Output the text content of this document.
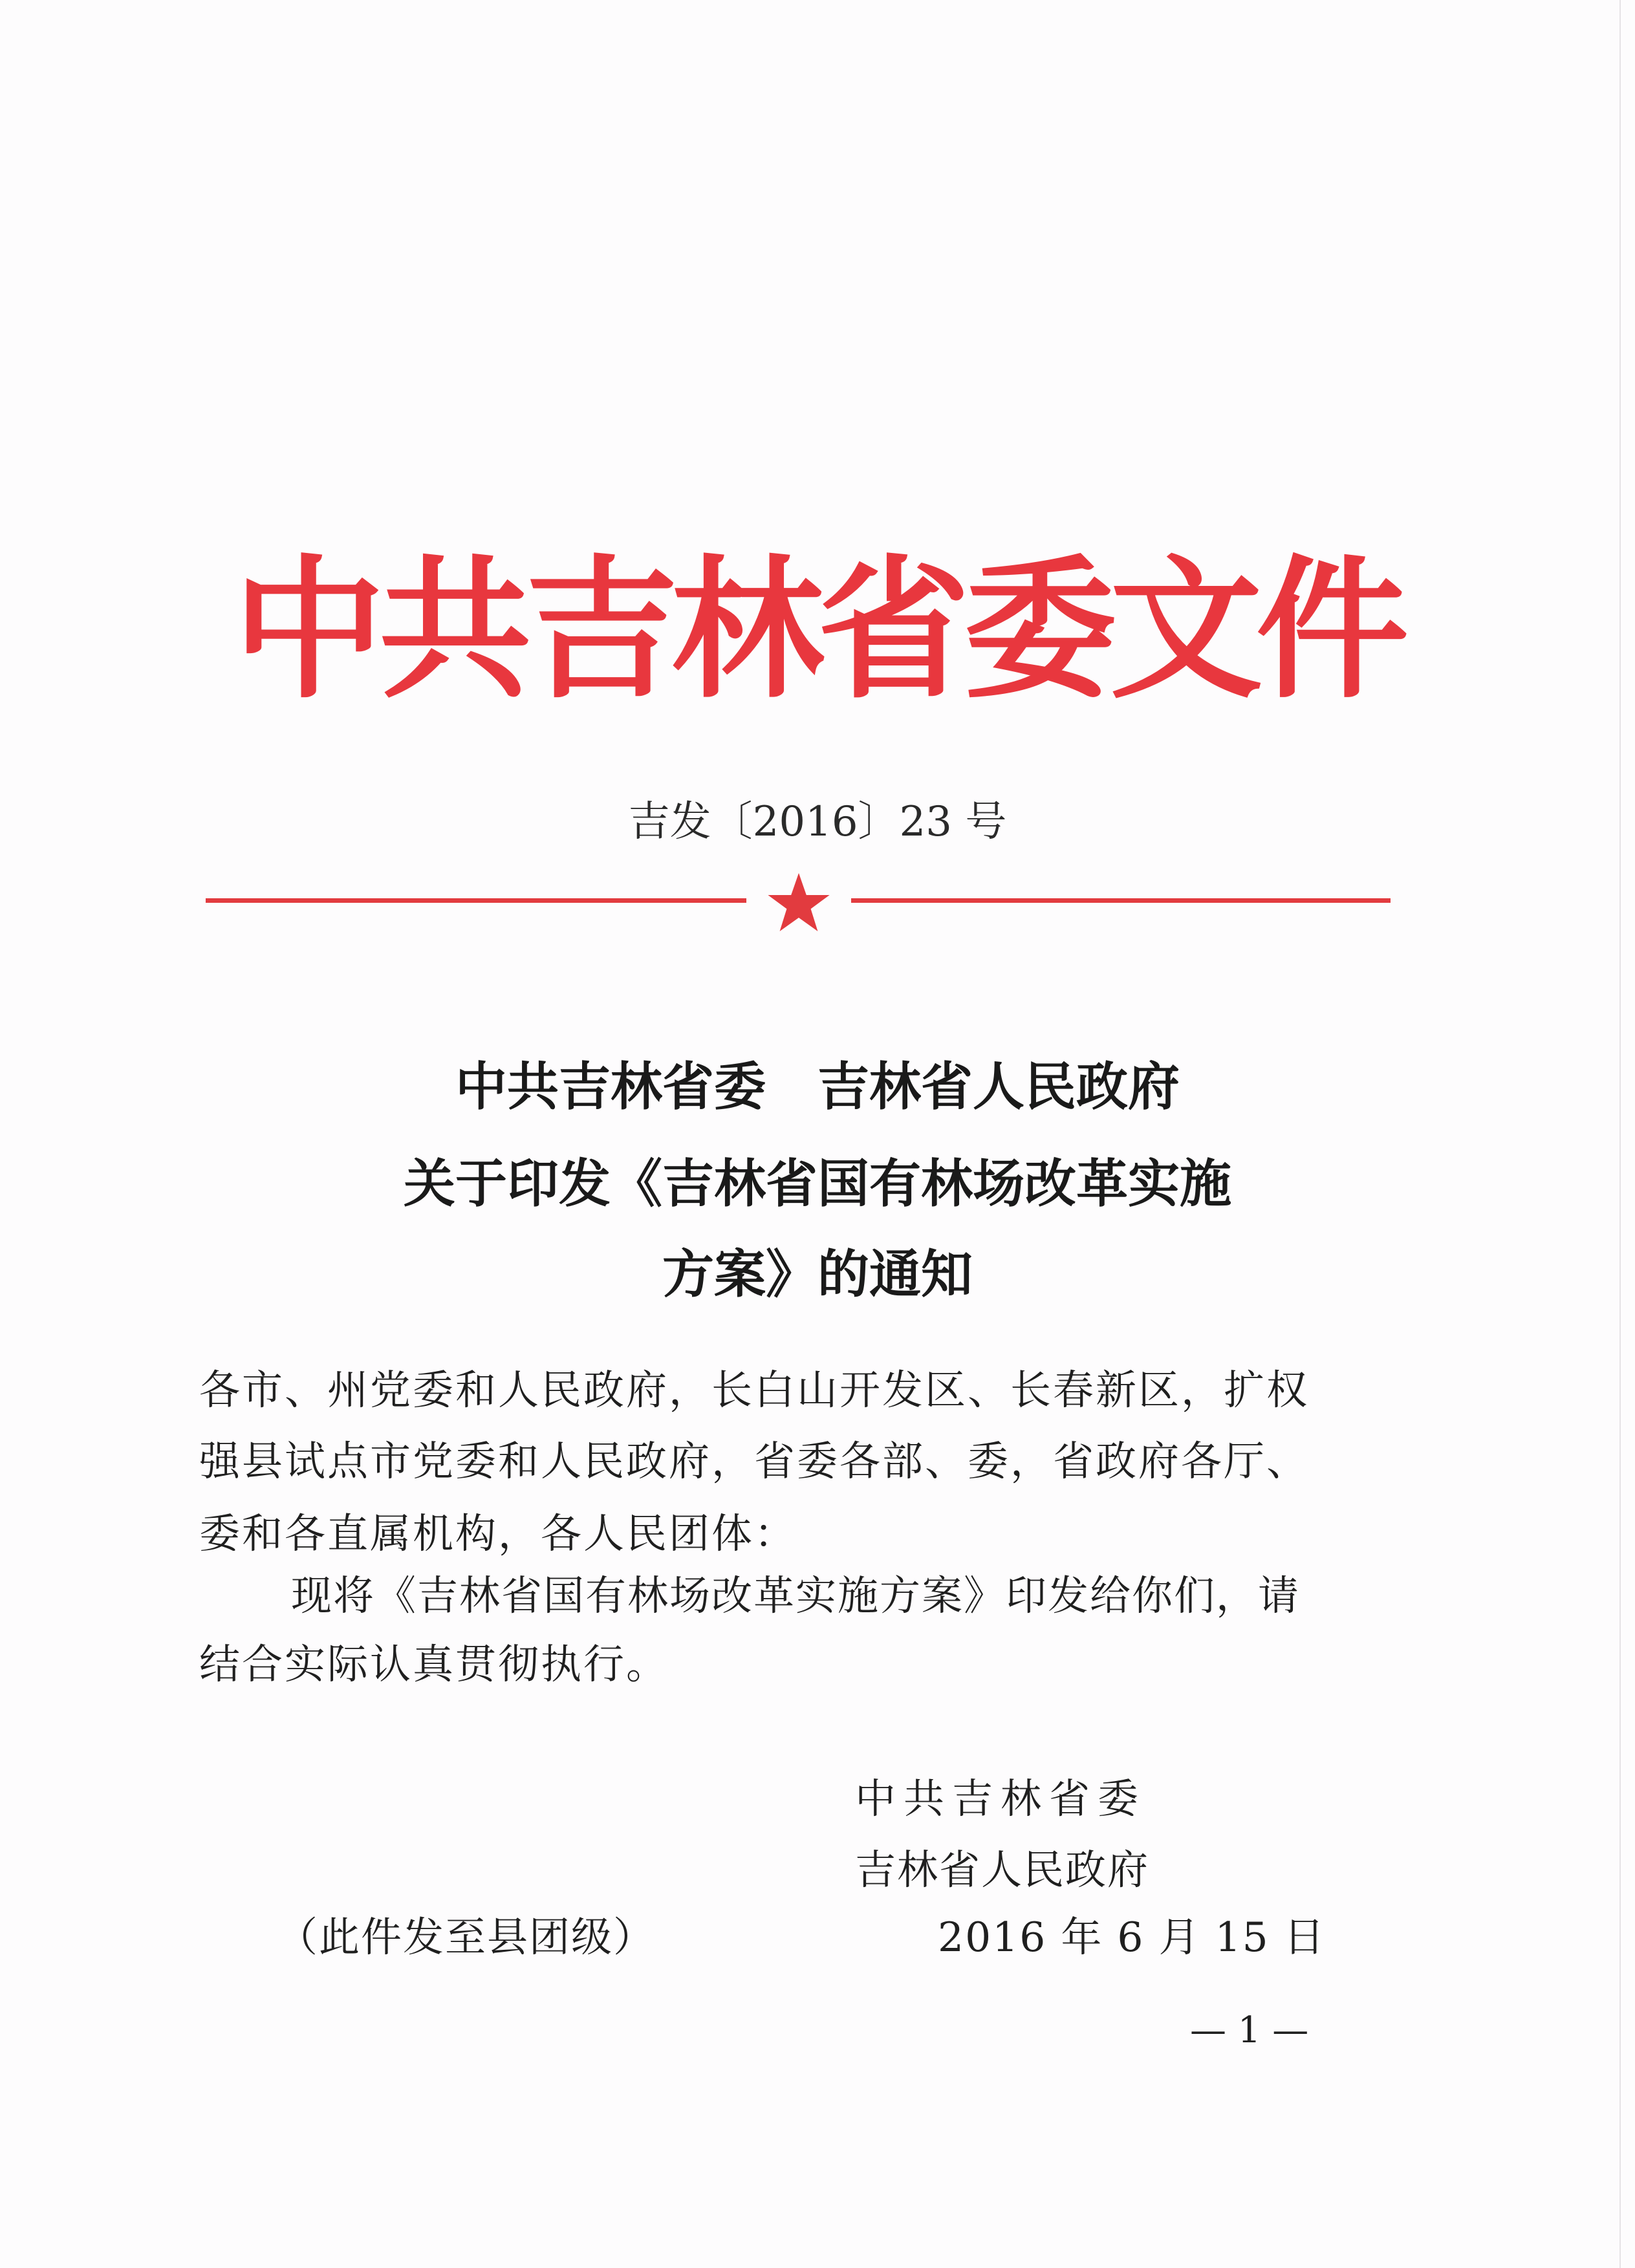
中共吉林省委文件
吉发〔2016〕23 号
中共吉林省委　吉林省人民政府
关于印发《吉林省国有林场改革实施
方案》的通知
各市、州党委和人民政府，长白山开发区、长春新区，扩权
强县试点市党委和人民政府，省委各部、委，省政府各厅、
委和各直属机构，各人民团体：
现将《吉林省国有林场改革实施方案》印发给你们，请
结合实际认真贯彻执行。
中共吉林省委
吉林省人民政府
（此件发至县团级）	2016 年 6 月 15 日
— 1 —
